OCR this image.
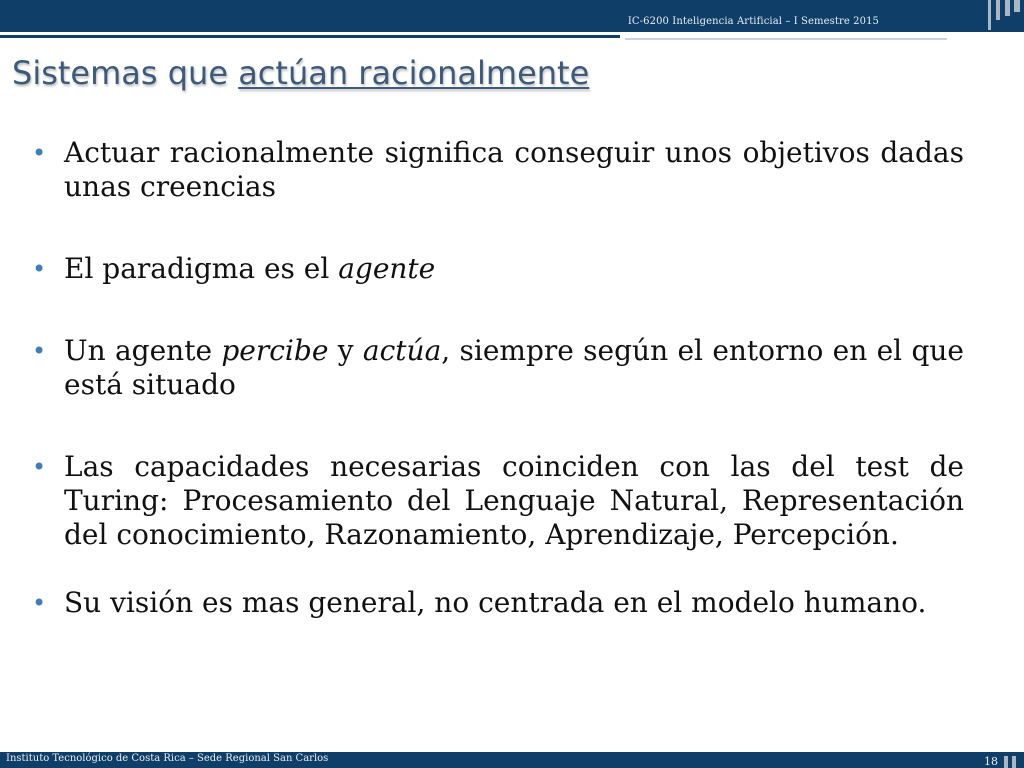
IC-6200 Inteligencia Artificial – I Semestre 2015
Sistemas que actúan racionalmente
• Actuar racionalmente significa conseguir unos objetivos dadas unas creencias
• El paradigma es el agente
• Un agente percibe y actúa, siempre según el entorno en el que está situado
• Las capacidades necesarias coinciden con las del test de Turing: Procesamiento del Lenguaje Natural, Representación del conocimiento, Razonamiento, Aprendizaje, Percepción.
• Su visión es mas general, no centrada en el modelo humano.
Instituto Tecnológico de Costa Rica – Sede Regional San Carlos	18
